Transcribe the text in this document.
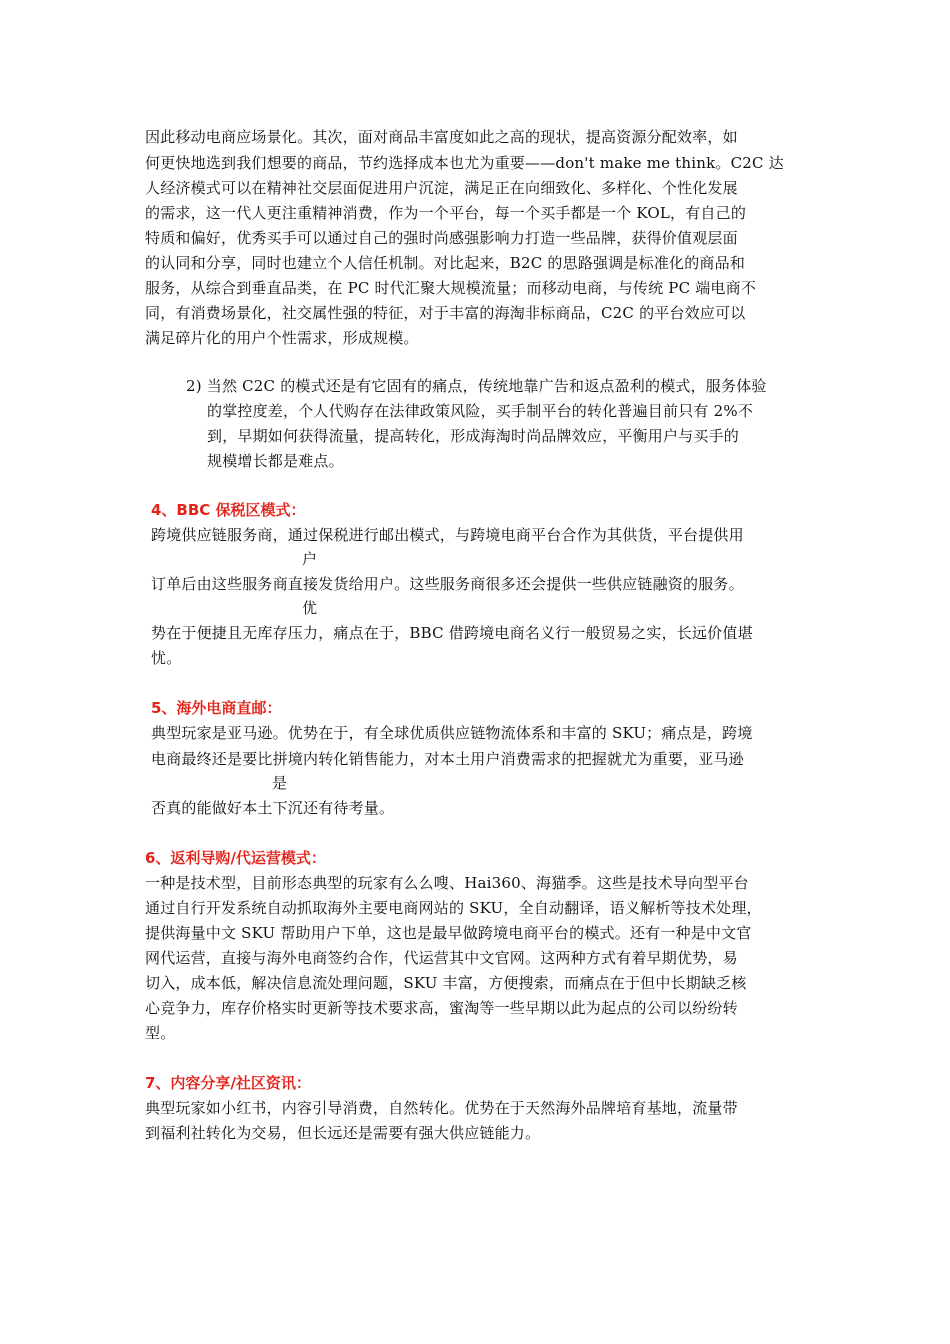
因此移动电商应场景化。其次，面对商品丰富度如此之高的现状，提高资源分配效率，如
何更快地选到我们想要的商品，节约选择成本也尤为重要——don't make me think。C2C 达
人经济模式可以在精神社交层面促进用户沉淀，满足正在向细致化、多样化、个性化发展
的需求，这一代人更注重精神消费，作为一个平台，每一个买手都是一个 KOL，有自己的
特质和偏好，优秀买手可以通过自己的强时尚感强影响力打造一些品牌，获得价值观层面
的认同和分享，同时也建立个人信任机制。对比起来，B2C 的思路强调是标准化的商品和
服务，从综合到垂直品类，在 PC 时代汇聚大规模流量；而移动电商，与传统 PC 端电商不
同，有消费场景化，社交属性强的特征，对于丰富的海淘非标商品，C2C 的平台效应可以
满足碎片化的用户个性需求，形成规模。
2) 当然 C2C 的模式还是有它固有的痛点，传统地靠广告和返点盈利的模式，服务体验
的掌控度差，个人代购存在法律政策风险，买手制平台的转化普遍目前只有 2%不
到，早期如何获得流量，提高转化，形成海淘时尚品牌效应，平衡用户与买手的
规模增长都是难点。
4、BBC 保税区模式：
跨境供应链服务商，通过保税进行邮出模式，与跨境电商平台合作为其供货，平台提供用
户
订单后由这些服务商直接发货给用户。这些服务商很多还会提供一些供应链融资的服务。
优
势在于便捷且无库存压力，痛点在于，BBC 借跨境电商名义行一般贸易之实，长远价值堪
忧。
5、海外电商直邮：
典型玩家是亚马逊。优势在于，有全球优质供应链物流体系和丰富的 SKU；痛点是，跨境
电商最终还是要比拼境内转化销售能力，对本土用户消费需求的把握就尤为重要，亚马逊
是
否真的能做好本土下沉还有待考量。
6、返利导购/代运营模式：
一种是技术型，目前形态典型的玩家有么么嗖、Hai360、海猫季。这些是技术导向型平台
通过自行开发系统自动抓取海外主要电商网站的 SKU，全自动翻译，语义解析等技术处理，
提供海量中文 SKU 帮助用户下单，这也是最早做跨境电商平台的模式。还有一种是中文官
网代运营，直接与海外电商签约合作，代运营其中文官网。这两种方式有着早期优势，易
切入，成本低，解决信息流处理问题，SKU 丰富，方便搜索，而痛点在于但中长期缺乏核
心竞争力，库存价格实时更新等技术要求高，蜜淘等一些早期以此为起点的公司以纷纷转
型。
7、内容分享/社区资讯：
典型玩家如小红书，内容引导消费，自然转化。优势在于天然海外品牌培育基地，流量带
到福利社转化为交易，但长远还是需要有强大供应链能力。
